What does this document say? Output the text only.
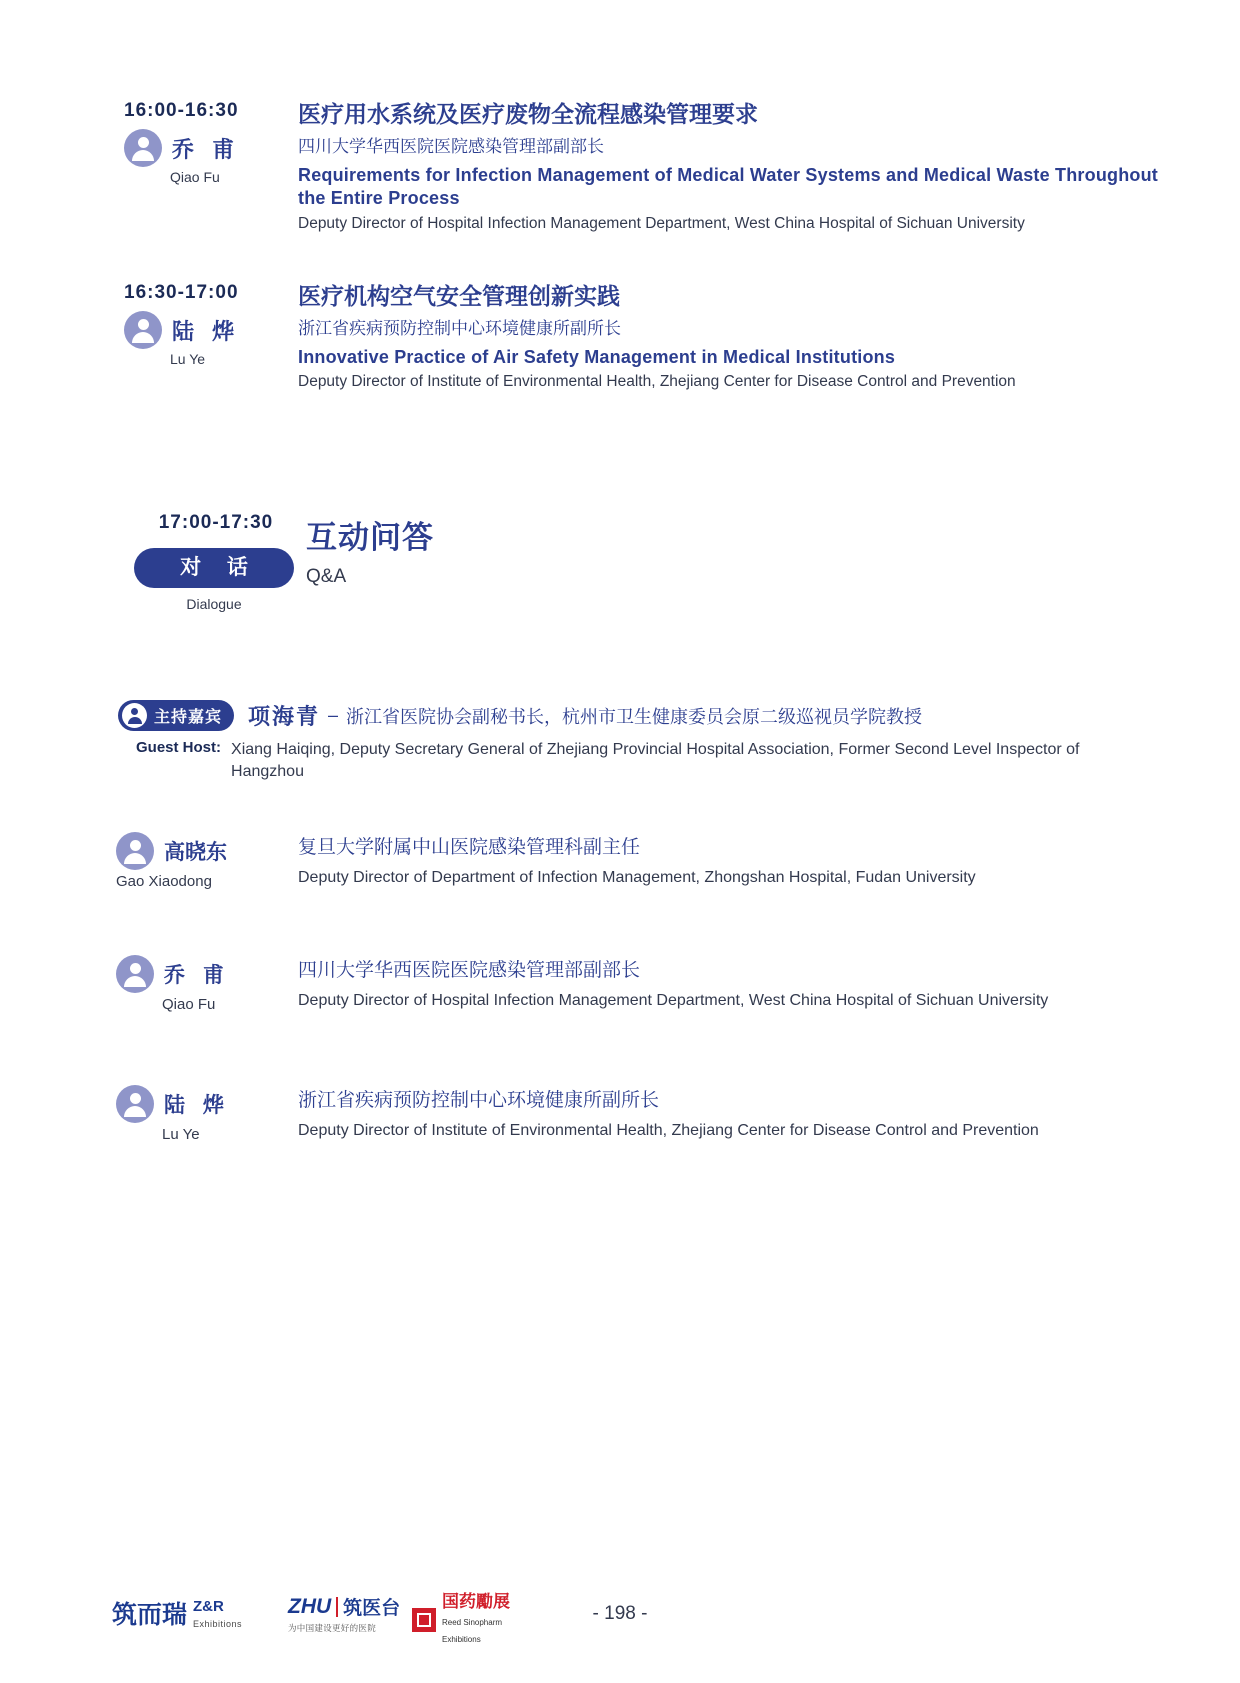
16:00-16:30
乔 甫
Qiao Fu
医疗用水系统及医疗废物全流程感染管理要求
四川大学华西医院医院感染管理部副部长
Requirements for Infection Management of Medical Water Systems and Medical Waste Throughout the Entire Process
Deputy Director of Hospital Infection Management Department, West China Hospital of Sichuan University
16:30-17:00
陆 烨
Lu Ye
医疗机构空气安全管理创新实践
浙江省疾病预防控制中心环境健康所副所长
Innovative Practice of Air Safety Management in Medical Institutions
Deputy Director of Institute of Environmental Health, Zhejiang Center for Disease Control and Prevention
17:00-17:30
对 话
Dialogue
互动问答
Q&A
主持嘉宾 项海青 – 浙江省医院协会副秘书长，杭州市卫生健康委员会原二级巡视员学院教授
Guest Host: Xiang Haiqing, Deputy Secretary General of Zhejiang Provincial Hospital Association, Former Second Level Inspector of Hangzhou
高晓东
Gao Xiaodong
复旦大学附属中山医院感染管理科副主任
Deputy Director of Department of Infection Management, Zhongshan Hospital, Fudan University
乔 甫
Qiao Fu
四川大学华西医院医院感染管理部副部长
Deputy Director of Hospital Infection Management Department, West China Hospital of Sichuan University
陆 烨
Lu Ye
浙江省疾病预防控制中心环境健康所副所长
Deputy Director of Institute of Environmental Health, Zhejiang Center for Disease Control and Prevention
筑而瑞 Z&R
Exhibitions
ZHU 筑医台
为中国建设更好的医院
国药勵展
Reed Sinopharm
Exhibitions
- 198 -
